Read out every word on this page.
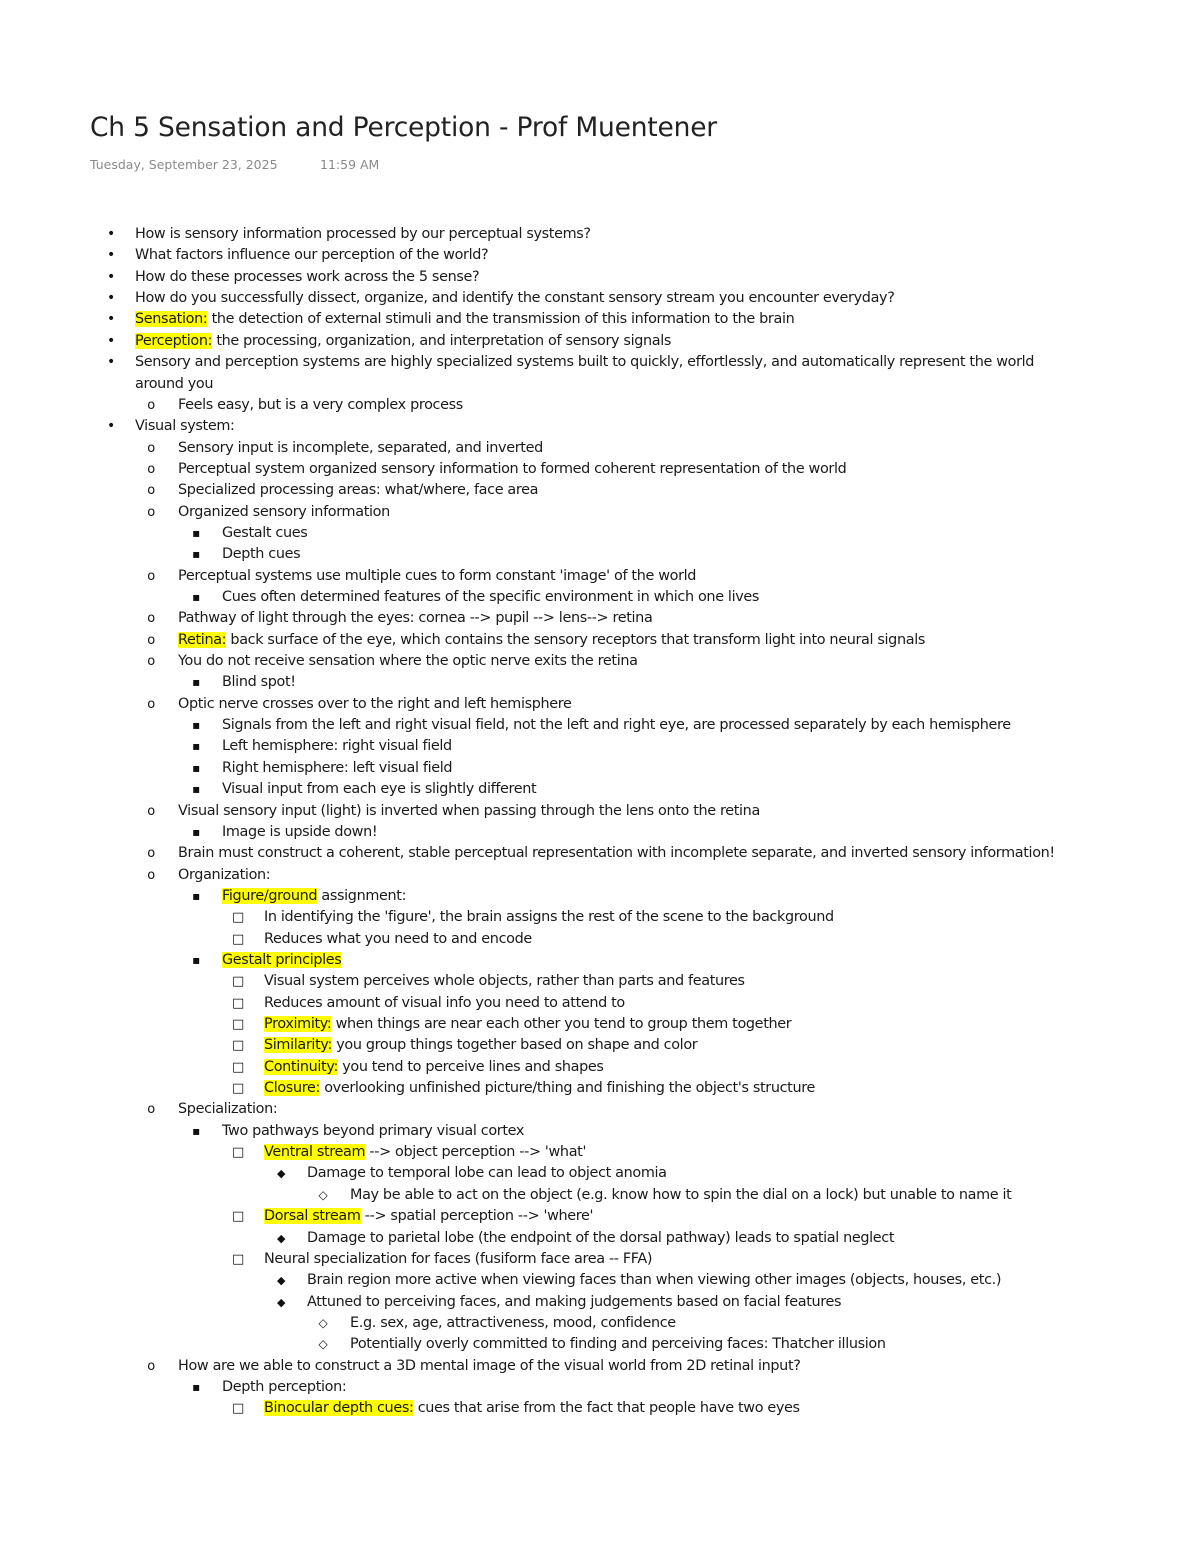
Ch 5 Sensation and Perception - Prof Muentener
Tuesday, September 23, 2025	11:59 AM
•
How is sensory information processed by our perceptual systems?
•
What factors influence our perception of the world?
•
How do these processes work across the 5 sense?
•
How do you successfully dissect, organize, and identify the constant sensory stream you encounter everyday?
•
Sensation: the detection of external stimuli and the transmission of this information to the brain
•
Perception: the processing, organization, and interpretation of sensory signals
•
Sensory and perception systems are highly specialized systems built to quickly, effortlessly, and automatically represent the world
around you
o
Feels easy, but is a very complex process
•
Visual system:
o
Sensory input is incomplete, separated, and inverted
o
Perceptual system organized sensory information to formed coherent representation of the world
o
Specialized processing areas: what/where, face area
o
Organized sensory information
▪
Gestalt cues
▪
Depth cues
o
Perceptual systems use multiple cues to form constant 'image' of the world
▪
Cues often determined features of the specific environment in which one lives
o
Pathway of light through the eyes: cornea --> pupil --> lens--> retina
o
Retina: back surface of the eye, which contains the sensory receptors that transform light into neural signals
o
You do not receive sensation where the optic nerve exits the retina
▪
Blind spot!
o
Optic nerve crosses over to the right and left hemisphere
▪
Signals from the left and right visual field, not the left and right eye, are processed separately by each hemisphere
▪
Left hemisphere: right visual field
▪
Right hemisphere: left visual field
▪
Visual input from each eye is slightly different
o
Visual sensory input (light) is inverted when passing through the lens onto the retina
▪
Image is upside down!
o
Brain must construct a coherent, stable perceptual representation with incomplete separate, and inverted sensory information!
o
Organization:
▪
Figure/ground assignment:
□
In identifying the 'figure', the brain assigns the rest of the scene to the background
□
Reduces what you need to and encode
▪
Gestalt principles
□
Visual system perceives whole objects, rather than parts and features
□
Reduces amount of visual info you need to attend to
□
Proximity: when things are near each other you tend to group them together
□
Similarity: you group things together based on shape and color
□
Continuity: you tend to perceive lines and shapes
□
Closure: overlooking unfinished picture/thing and finishing the object's structure
o
Specialization:
▪
Two pathways beyond primary visual cortex
□
Ventral stream --> object perception --> 'what'
◆
Damage to temporal lobe can lead to object anomia
◇
May be able to act on the object (e.g. know how to spin the dial on a lock) but unable to name it
□
Dorsal stream --> spatial perception --> 'where'
◆
Damage to parietal lobe (the endpoint of the dorsal pathway) leads to spatial neglect
□
Neural specialization for faces (fusiform face area -- FFA)
◆
Brain region more active when viewing faces than when viewing other images (objects, houses, etc.)
◆
Attuned to perceiving faces, and making judgements based on facial features
◇
E.g. sex, age, attractiveness, mood, confidence
◇
Potentially overly committed to finding and perceiving faces: Thatcher illusion
o
How are we able to construct a 3D mental image of the visual world from 2D retinal input?
▪
Depth perception:
□
Binocular depth cues: cues that arise from the fact that people have two eyes
